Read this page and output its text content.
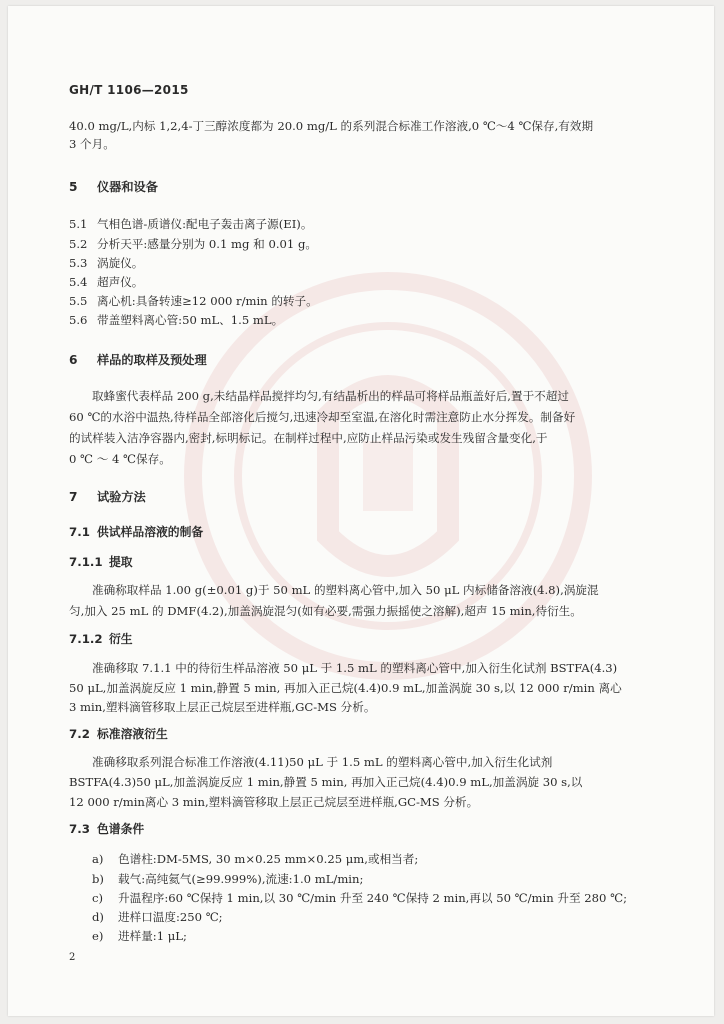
GH/T 1106—2015
40.0 mg/L,内标 1,2,4-丁三醇浓度都为 20.0 mg/L 的系列混合标准工作溶液,0 ℃～4 ℃保存,有效期
3 个月。
5 仪器和设备
5.1 气相色谱-质谱仪:配电子轰击离子源(EI)。
5.2 分析天平:感量分别为 0.1 mg 和 0.01 g。
5.3 涡旋仪。
5.4 超声仪。
5.5 离心机:具备转速≥12 000 r/min 的转子。
5.6 带盖塑料离心管:50 mL、1.5 mL。
6 样品的取样及预处理
取蜂蜜代表样品 200 g,未结晶样品搅拌均匀,有结晶析出的样品可将样品瓶盖好后,置于不超过
60 ℃的水浴中温热,待样品全部溶化后搅匀,迅速冷却至室温,在溶化时需注意防止水分挥发。制备好
的试样装入洁净容器内,密封,标明标记。在制样过程中,应防止样品污染或发生残留含量变化,于
0 ℃ ～ 4 ℃保存。
7 试验方法
7.1 供试样品溶液的制备
7.1.1 提取
准确称取样品 1.00 g(±0.01 g)于 50 mL 的塑料离心管中,加入 50 μL 内标储备溶液(4.8),涡旋混
匀,加入 25 mL 的 DMF(4.2),加盖涡旋混匀(如有必要,需强力振摇使之溶解),超声 15 min,待衍生。
7.1.2 衍生
准确移取 7.1.1 中的待衍生样品溶液 50 μL 于 1.5 mL 的塑料离心管中,加入衍生化试剂 BSTFA(4.3)
50 μL,加盖涡旋反应 1 min,静置 5 min, 再加入正己烷(4.4)0.9 mL,加盖涡旋 30 s,以 12 000 r/min 离心
3 min,塑料滴管移取上层正己烷层至进样瓶,GC-MS 分析。
7.2 标准溶液衍生
准确移取系列混合标准工作溶液(4.11)50 μL 于 1.5 mL 的塑料离心管中,加入衍生化试剂
BSTFA(4.3)50 μL,加盖涡旋反应 1 min,静置 5 min, 再加入正己烷(4.4)0.9 mL,加盖涡旋 30 s,以
12 000 r/min离心 3 min,塑料滴管移取上层正己烷层至进样瓶,GC-MS 分析。
7.3 色谱条件
a) 色谱柱:DM-5MS, 30 m×0.25 mm×0.25 μm,或相当者;
b) 载气:高纯氦气(≥99.999%),流速:1.0 mL/min;
c) 升温程序:60 ℃保持 1 min,以 30 ℃/min 升至 240 ℃保持 2 min,再以 50 ℃/min 升至 280 ℃;
d) 进样口温度:250 ℃;
e) 进样量:1 μL;
2
